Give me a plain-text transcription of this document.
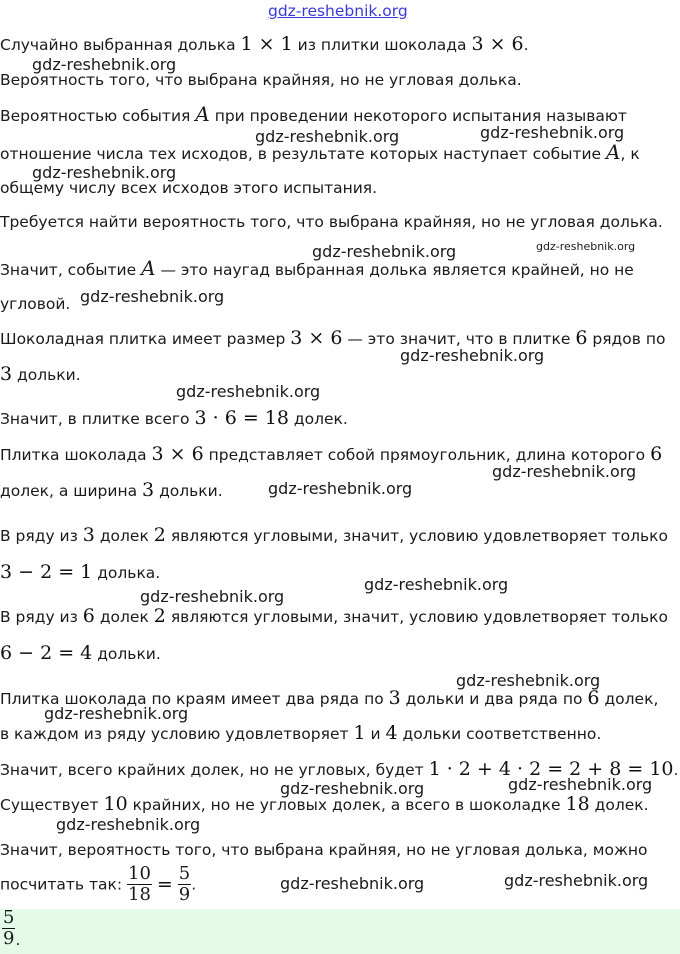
gdz-reshebnik.org
Случайно выбранная долька 1 × 1 из плитки шоколада 3 × 6.
gdz-reshebnik.org
Вероятность того, что выбрана крайняя, но не угловая долька.
Вероятностью события A при проведении некоторого испытания называют
gdz-reshebnik.org	gdz-reshebnik.org
отношение числа тех исходов, в результате которых наступает событие A, к
gdz-reshebnik.org
общему числу всех исходов этого испытания.
Требуется найти вероятность того, что выбрана крайняя, но не угловая долька.
gdz-reshebnik.org	gdz-reshebnik.org
Значит, событие A — это наугад выбранная долька является крайней, но не
угловой. gdz-reshebnik.org
Шоколадная плитка имеет размер 3 × 6 — это значит, что в плитке 6 рядов по
gdz-reshebnik.org
3 дольки.
gdz-reshebnik.org
Значит, в плитке всего 3 · 6 = 18 долек.
Плитка шоколада 3 × 6 представляет собой прямоугольник, длина которого 6
gdz-reshebnik.org
долек, а ширина 3 дольки.	gdz-reshebnik.org
В ряду из 3 долек 2 являются угловыми, значит, условию удовлетворяет только
3 − 2 = 1 долька.
gdz-reshebnik.org
gdz-reshebnik.org
В ряду из 6 долек 2 являются угловыми, значит, условию удовлетворяет только
6 − 2 = 4 дольки.
gdz-reshebnik.org
Плитка шоколада по краям имеет два ряда по 3 дольки и два ряда по 6 долек,
gdz-reshebnik.org
в каждом из ряду условию удовлетворяет 1 и 4 дольки соответственно.
Значит, всего крайних долек, но не угловых, будет 1 · 2 + 4 · 2 = 2 + 8 = 10.
gdz-reshebnik.org	gdz-reshebnik.org
Существует 10 крайних, но не угловых долек, а всего в шоколадке 18 долек.
gdz-reshebnik.org
Значит, вероятность того, что выбрана крайняя, но не угловая долька, можно
посчитать так: $\frac{10}{18} = \frac{5}{9}$ .	gdz-reshebnik.org	gdz-reshebnik.org
$\frac{5}{9}$ .
